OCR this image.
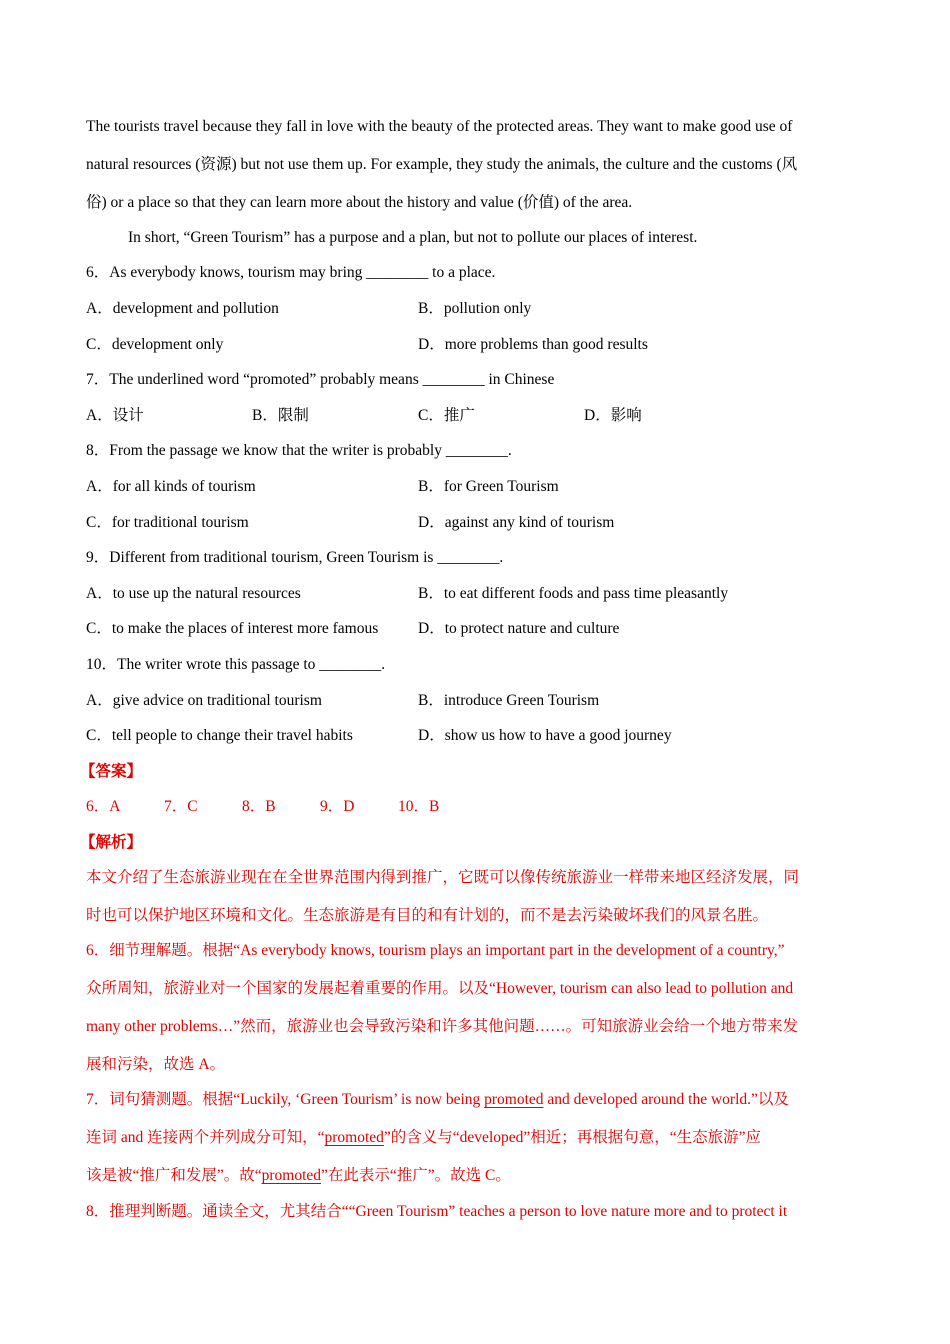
The tourists travel because they fall in love with the beauty of the protected areas. They want to make good use of
natural resources (资源) but not use them up. For example, they study the animals, the culture and the customs (风
俗) or a place so that they can learn more about the history and value (价值) of the area.
In short, “Green Tourism” has a purpose and a plan, but not to pollute our places of interest.
6．As everybody knows, tourism may bring ________ to a place.
A．development and pollution	B．pollution only
C．development only	D．more problems than good results
7．The underlined word “promoted” probably means ________ in Chinese
A．设计	B．限制	C．推广	D．影响
8．From the passage we know that the writer is probably ________.
A．for all kinds of tourism	B．for Green Tourism
C．for traditional tourism	D．against any kind of tourism
9．Different from traditional tourism, Green Tourism is ________.
A．to use up the natural resources	B．to eat different foods and pass time pleasantly
C．to make the places of interest more famous	D．to protect nature and culture
10．The writer wrote this passage to ________.
A．give advice on traditional tourism	B．introduce Green Tourism
C．tell people to change their travel habits	D．show us how to have a good journey
【答案】
6．A	7．C	8．B	9．D	10．B
【解析】
本文介绍了生态旅游业现在在全世界范围内得到推广，它既可以像传统旅游业一样带来地区经济发展，同
时也可以保护地区环境和文化。生态旅游是有目的和有计划的，而不是去污染破坏我们的风景名胜。
6．细节理解题。根据“As everybody knows, tourism plays an important part in the development of a country,”
众所周知，旅游业对一个国家的发展起着重要的作用。以及“However, tourism can also lead to pollution and
many other problems…”然而，旅游业也会导致污染和许多其他问题……。可知旅游业会给一个地方带来发
展和污染，故选 A。
7．词句猜测题。根据“Luckily, ‘Green Tourism’ is now being promoted and developed around the world.”以及
连词 and 连接两个并列成分可知，“promoted”的含义与“developed”相近；再根据句意，“生态旅游”应
该是被“推广和发展”。故“promoted”在此表示“推广”。故选 C。
8．推理判断题。通读全文，尤其结合““Green Tourism” teaches a person to love nature more and to protect it
